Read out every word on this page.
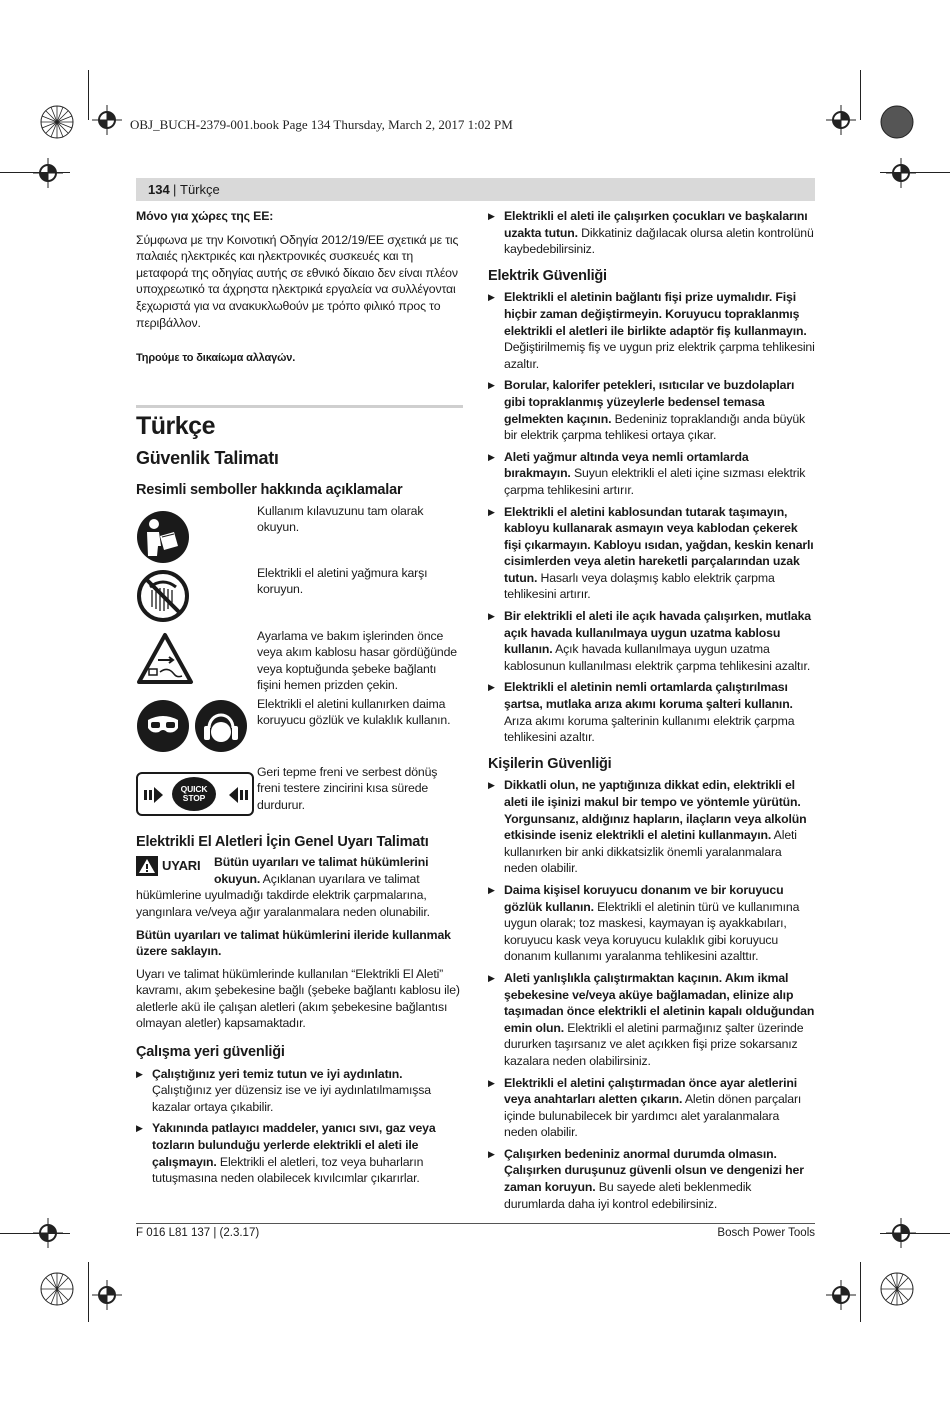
OBJ_BUCH-2379-001.book Page 134 Thursday, March 2, 2017 1:02 PM
134 | Türkçe

Μόνο για χώρες της ΕΕ:

Σύμφωνα με την Κοινοτική Οδηγία 2012/19/ΕΕ σχετικά με τις παλαιές ηλεκτρικές και ηλεκτρονικές συσκευές και τη μεταφορά της οδηγίας αυτής σε εθνικό δίκαιο δεν είναι πλέον υποχρεωτικό τα άχρηστα ηλεκτρικά εργαλεία να συλλέγονται ξεχωριστά για να ανακυκλωθούν με τρόπο φιλικό προς το περιβάλλον.

Τηρούμε το δικαίωμα αλλαγών.

Türkçe
Güvenlik Talimatı
Resimli semboller hakkında açıklamalar
Kullanım kılavuzunu tam olarak okuyun.
Elektrikli el aletini yağmura karşı koruyun.
Ayarlama ve bakım işlerinden önce veya akım kablosu hasar gördüğünde veya koptuğunda şebeke bağlantı fişini hemen prizden çekin.
Elektrikli el aletini kullanırken daima koruyucu gözlük ve kulaklık kullanın.
QUICK STOP
Geri tepme freni ve serbest dönüş freni testere zincirini kısa sürede durdurur.
Elektrikli El Aletleri İçin Genel Uyarı Talimatı

UYARI Bütün uyarıları ve talimat hükümlerini okuyun. Açıklanan uyarılara ve talimat hükümlerine uyulmadığı takdirde elektrik çarpmalarına, yangınlara ve/veya ağır yaralanmalara neden olunabilir.

Bütün uyarıları ve talimat hükümlerini ileride kullanmak üzere saklayın.

Uyarı ve talimat hükümlerinde kullanılan “Elektrikli El Aleti” kavramı, akım şebekesine bağlı (şebeke bağlantı kablosu ile) aletlerle akü ile çalışan aletleri (akım şebekesine bağlantısı olmayan aletler) kapsamaktadır.

Çalışma yeri güvenliği
▶ Çalıştığınız yeri temiz tutun ve iyi aydınlatın. Çalıştığınız yer düzensiz ise ve iyi aydınlatılmamışsa kazalar ortaya çıkabilir.
▶ Yakınında patlayıcı maddeler, yanıcı sıvı, gaz veya tozların bulunduğu yerlerde elektrikli el aleti ile çalışmayın. Elektrikli el aletleri, toz veya buharların tutuşmasına neden olabilecek kıvılcımlar çıkarırlar.
▶ Elektrikli el aleti ile çalışırken çocukları ve başkalarını uzakta tutun. Dikkatiniz dağılacak olursa aletin kontrolünü kaybedebilirsiniz.
Elektrik Güvenliği
▶ Elektrikli el aletinin bağlantı fişi prize uymalıdır. Fişi hiçbir zaman değiştirmeyin. Koruyucu topraklanmış elektrikli el aletleri ile birlikte adaptör fiş kullanmayın. Değiştirilmemiş fiş ve uygun priz elektrik çarpma tehlikesini azaltır.
▶ Borular, kalorifer petekleri, ısıtıcılar ve buzdolapları gibi topraklanmış yüzeylerle bedensel temasa gelmekten kaçının. Bedeniniz topraklandığı anda büyük bir elektrik çarpma tehlikesi ortaya çıkar.
▶ Aleti yağmur altında veya nemli ortamlarda bırakmayın. Suyun elektrikli el aleti içine sızması elektrik çarpma tehlikesini artırır.
▶ Elektrikli el aletini kablosundan tutarak taşımayın, kabloyu kullanarak asmayın veya kablodan çekerek fişi çıkarmayın. Kabloyu ısıdan, yağdan, keskin kenarlı cisimlerden veya aletin hareketli parçalarından uzak tutun. Hasarlı veya dolaşmış kablo elektrik çarpma tehlikesini artırır.
▶ Bir elektrikli el aleti ile açık havada çalışırken, mutlaka açık havada kullanılmaya uygun uzatma kablosu kullanın. Açık havada kullanılmaya uygun uzatma kablosunun kullanılması elektrik çarpma tehlikesini azaltır.
▶ Elektrikli el aletinin nemli ortamlarda çalıştırılması şartsa, mutlaka arıza akımı koruma şalteri kullanın. Arıza akımı koruma şalterinin kullanımı elektrik çarpma tehlikesini azaltır.
Kişilerin Güvenliği
▶ Dikkatli olun, ne yaptığınıza dikkat edin, elektrikli el aleti ile işinizi makul bir tempo ve yöntemle yürütün. Yorgunsanız, aldığınız hapların, ilaçların veya alkolün etkisinde iseniz elektrikli el aletini kullanmayın. Aleti kullanırken bir anki dikkatsizlik önemli yaralanmalara neden olabilir.
▶ Daima kişisel koruyucu donanım ve bir koruyucu gözlük kullanın. Elektrikli el aletinin türü ve kullanımına uygun olarak; toz maskesi, kaymayan iş ayakkabıları, koruyucu kask veya koruyucu kulaklık gibi koruyucu donanım kullanımı yaralanma tehlikesini azalttır.
▶ Aleti yanlışlıkla çalıştırmaktan kaçının. Akım ikmal şebekesine ve/veya aküye bağlamadan, elinize alıp taşımadan önce elektrikli el aletinin kapalı olduğundan emin olun. Elektrikli el aletini parmağınız şalter üzerinde dururken taşırsanız ve alet açıkken fişi prize sokarsanız kazalara neden olabilirsiniz.
▶ Elektrikli el aletini çalıştırmadan önce ayar aletlerini veya anahtarları aletten çıkarın. Aletin dönen parçaları içinde bulunabilecek bir yardımcı alet yaralanmalara neden olabilir.
▶ Çalışırken bedeniniz anormal durumda olmasın. Çalışırken duruşunuz güvenli olsun ve dengenizi her zaman koruyun. Bu sayede aleti beklenmedik durumlarda daha iyi kontrol edebilirsiniz.
F 016 L81 137 | (2.3.17)	Bosch Power Tools
